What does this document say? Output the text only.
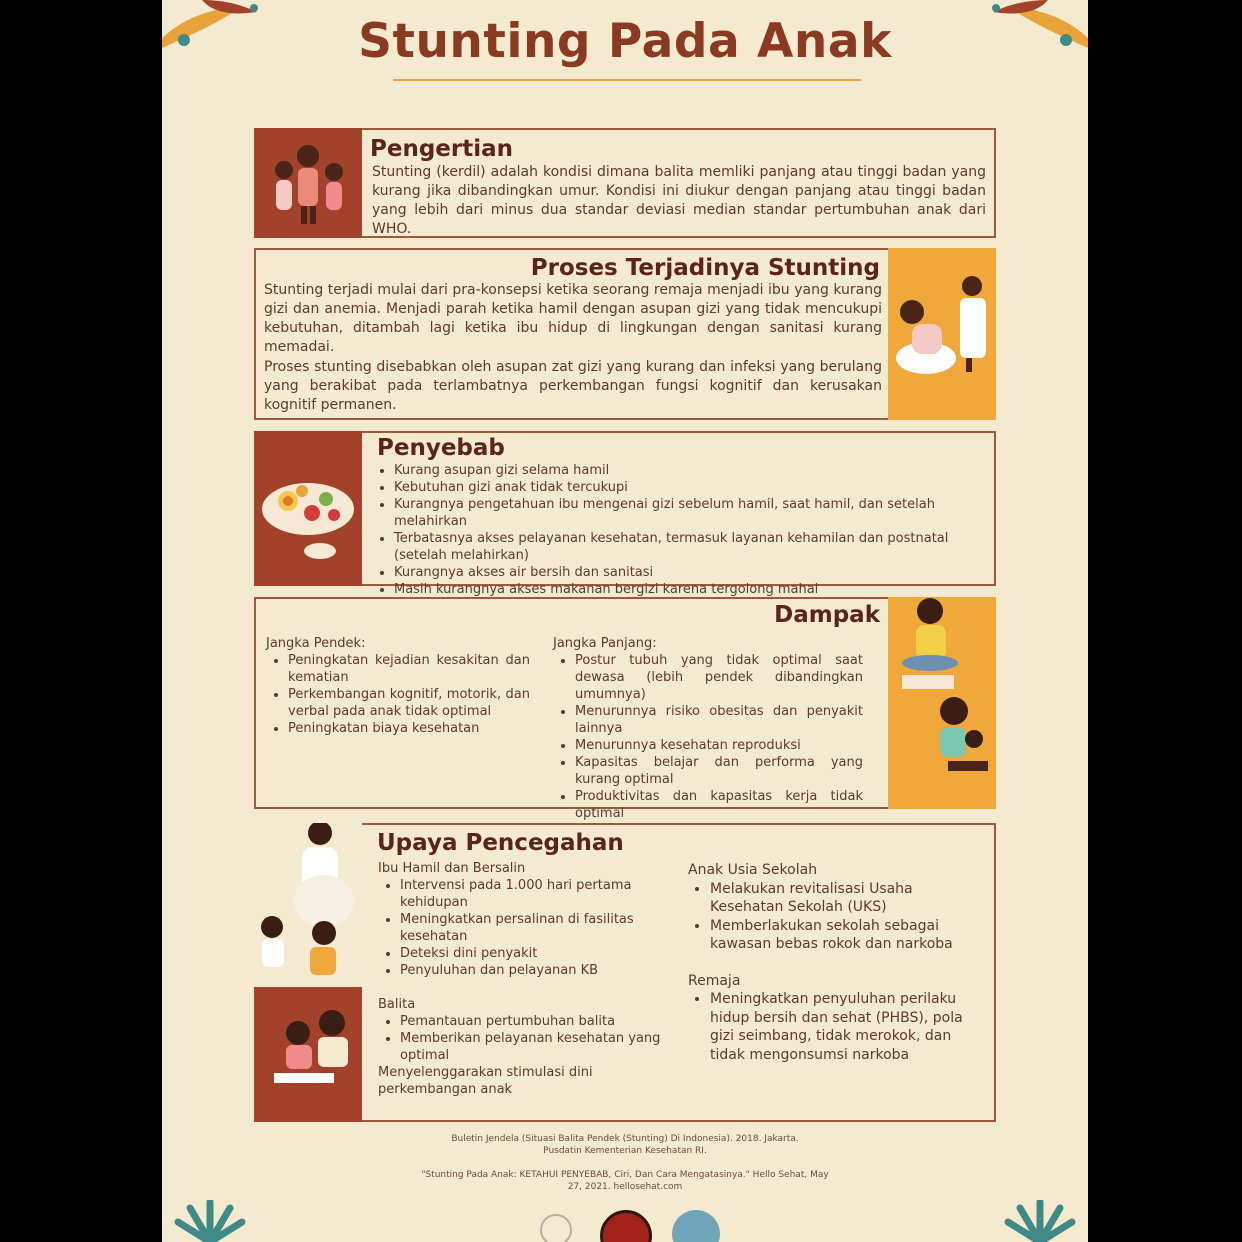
Stunting Pada Anak
Pengertian
Stunting (kerdil) adalah kondisi dimana balita memliki panjang atau tinggi badan yang kurang jika dibandingkan umur. Kondisi ini diukur dengan panjang atau tinggi badan yang lebih dari minus dua standar deviasi median standar pertumbuhan anak dari WHO.
Proses Terjadinya Stunting
Stunting terjadi mulai dari pra-konsepsi ketika seorang remaja menjadi ibu yang kurang gizi dan anemia. Menjadi parah ketika hamil dengan asupan gizi yang tidak mencukupi kebutuhan, ditambah lagi ketika ibu hidup di lingkungan dengan sanitasi kurang memadai.
Proses stunting disebabkan oleh asupan zat gizi yang kurang dan infeksi yang berulang yang berakibat pada terlambatnya perkembangan fungsi kognitif dan kerusakan kognitif permanen.
Penyebab
• Kurang asupan gizi selama hamil
• Kebutuhan gizi anak tidak tercukupi
• Kurangnya pengetahuan ibu mengenai gizi sebelum hamil, saat hamil, dan setelah melahirkan
• Terbatasnya akses pelayanan kesehatan, termasuk layanan kehamilan dan postnatal (setelah melahirkan)
• Kurangnya akses air bersih dan sanitasi
• Masih kurangnya akses makanan bergizi karena tergolong mahal
Dampak
Jangka Pendek:
• Peningkatan kejadian kesakitan dan kematian
• Perkembangan kognitif, motorik, dan verbal pada anak tidak optimal
• Peningkatan biaya kesehatan
Jangka Panjang:
• Postur tubuh yang tidak optimal saat dewasa (lebih pendek dibandingkan umumnya)
• Menurunnya risiko obesitas dan penyakit lainnya
• Menurunnya kesehatan reproduksi
• Kapasitas belajar dan performa yang kurang optimal
• Produktivitas dan kapasitas kerja tidak optimal
Upaya Pencegahan
Ibu Hamil dan Bersalin
• Intervensi pada 1.000 hari pertama kehidupan
• Meningkatkan persalinan di fasilitas kesehatan
• Deteksi dini penyakit
• Penyuluhan dan pelayanan KB
Balita
• Pemantauan pertumbuhan balita
• Memberikan pelayanan kesehatan yang optimal
Menyelenggarakan stimulasi dini perkembangan anak
Anak Usia Sekolah
• Melakukan revitalisasi Usaha Kesehatan Sekolah (UKS)
• Memberlakukan sekolah sebagai kawasan bebas rokok dan narkoba
Remaja
• Meningkatkan penyuluhan perilaku hidup bersih dan sehat (PHBS), pola gizi seimbang, tidak merokok, dan tidak mengonsumsi narkoba
Buletin Jendela (Situasi Balita Pendek (Stunting) Di Indonesia). 2018. Jakarta. Pusdatin Kementerian Kesehatan RI.
"Stunting Pada Anak: KETAHUI PENYEBAB, Ciri, Dan Cara Mengatasinya." Hello Sehat, May 27, 2021. hellosehat.com
